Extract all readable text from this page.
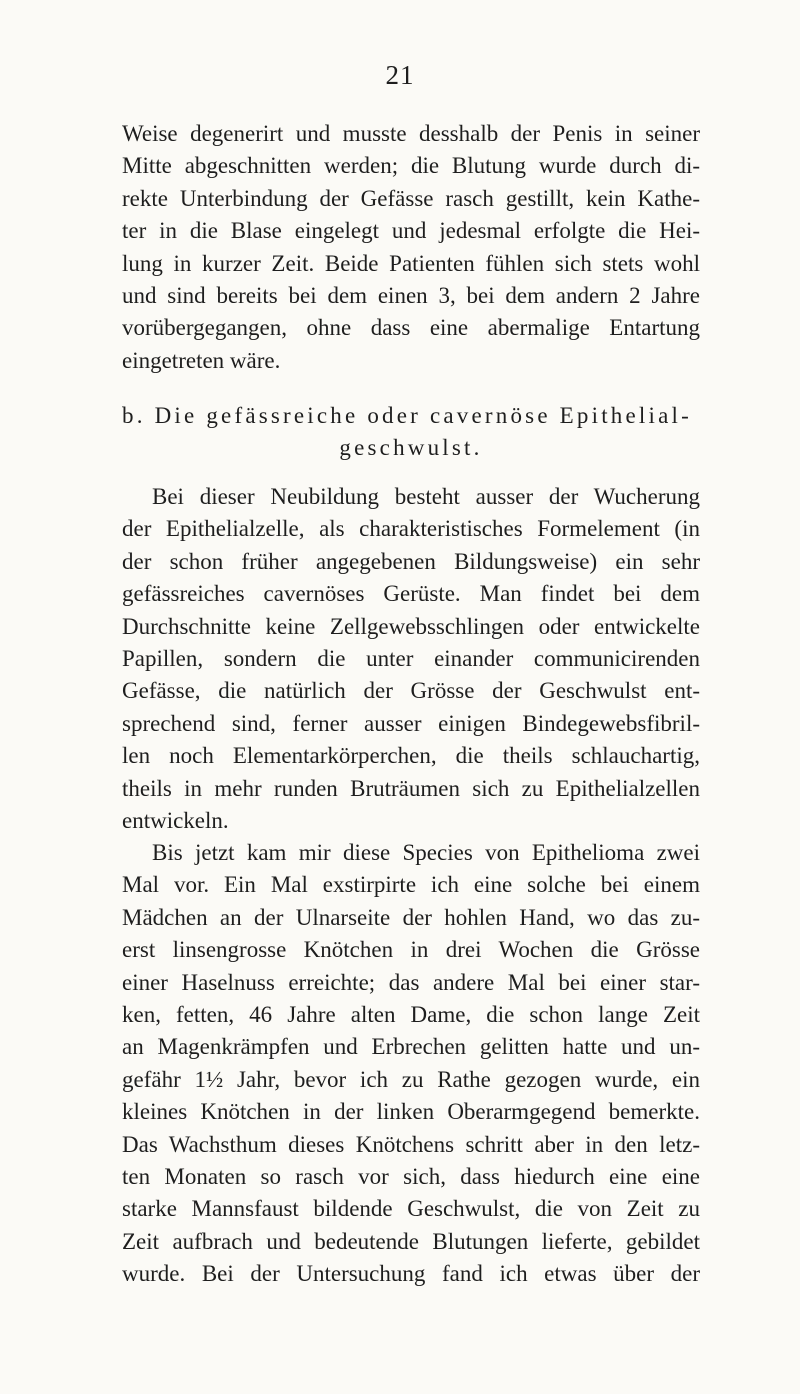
21
Weise degenerirt und musste desshalb der Penis in seiner
Mitte abgeschnitten werden; die Blutung wurde durch di-
rekte Unterbindung der Gefässe rasch gestillt, kein Kathe-
ter in die Blase eingelegt und jedesmal erfolgte die Hei-
lung in kurzer Zeit. Beide Patienten fühlen sich stets wohl
und sind bereits bei dem einen 3, bei dem andern 2 Jahre
vorübergegangen, ohne dass eine abermalige Entartung
eingetreten wäre.
b. Die gefässreiche oder cavernöse Epithelial-
geschwulst.
Bei dieser Neubildung besteht ausser der Wucherung
der Epithelialzelle, als charakteristisches Formelement (in
der schon früher angegebenen Bildungsweise) ein sehr
gefässreiches cavernöses Gerüste. Man findet bei dem
Durchschnitte keine Zellgewebsschlingen oder entwickelte
Papillen, sondern die unter einander communicirenden
Gefässe, die natürlich der Grösse der Geschwulst ent-
sprechend sind, ferner ausser einigen Bindegewebsfibril-
len noch Elementarkörperchen, die theils schlauchartig,
theils in mehr runden Bruträumen sich zu Epithelialzellen
entwickeln.
Bis jetzt kam mir diese Species von Epithelioma zwei
Mal vor. Ein Mal exstirpirte ich eine solche bei einem
Mädchen an der Ulnarseite der hohlen Hand, wo das zu-
erst linsengrosse Knötchen in drei Wochen die Grösse
einer Haselnuss erreichte; das andere Mal bei einer star-
ken, fetten, 46 Jahre alten Dame, die schon lange Zeit
an Magenkrämpfen und Erbrechen gelitten hatte und un-
gefähr 1½ Jahr, bevor ich zu Rathe gezogen wurde, ein
kleines Knötchen in der linken Oberarmgegend bemerkte.
Das Wachsthum dieses Knötchens schritt aber in den letz-
ten Monaten so rasch vor sich, dass hiedurch eine eine
starke Mannsfaust bildende Geschwulst, die von Zeit zu
Zeit aufbrach und bedeutende Blutungen lieferte, gebildet
wurde. Bei der Untersuchung fand ich etwas über der
